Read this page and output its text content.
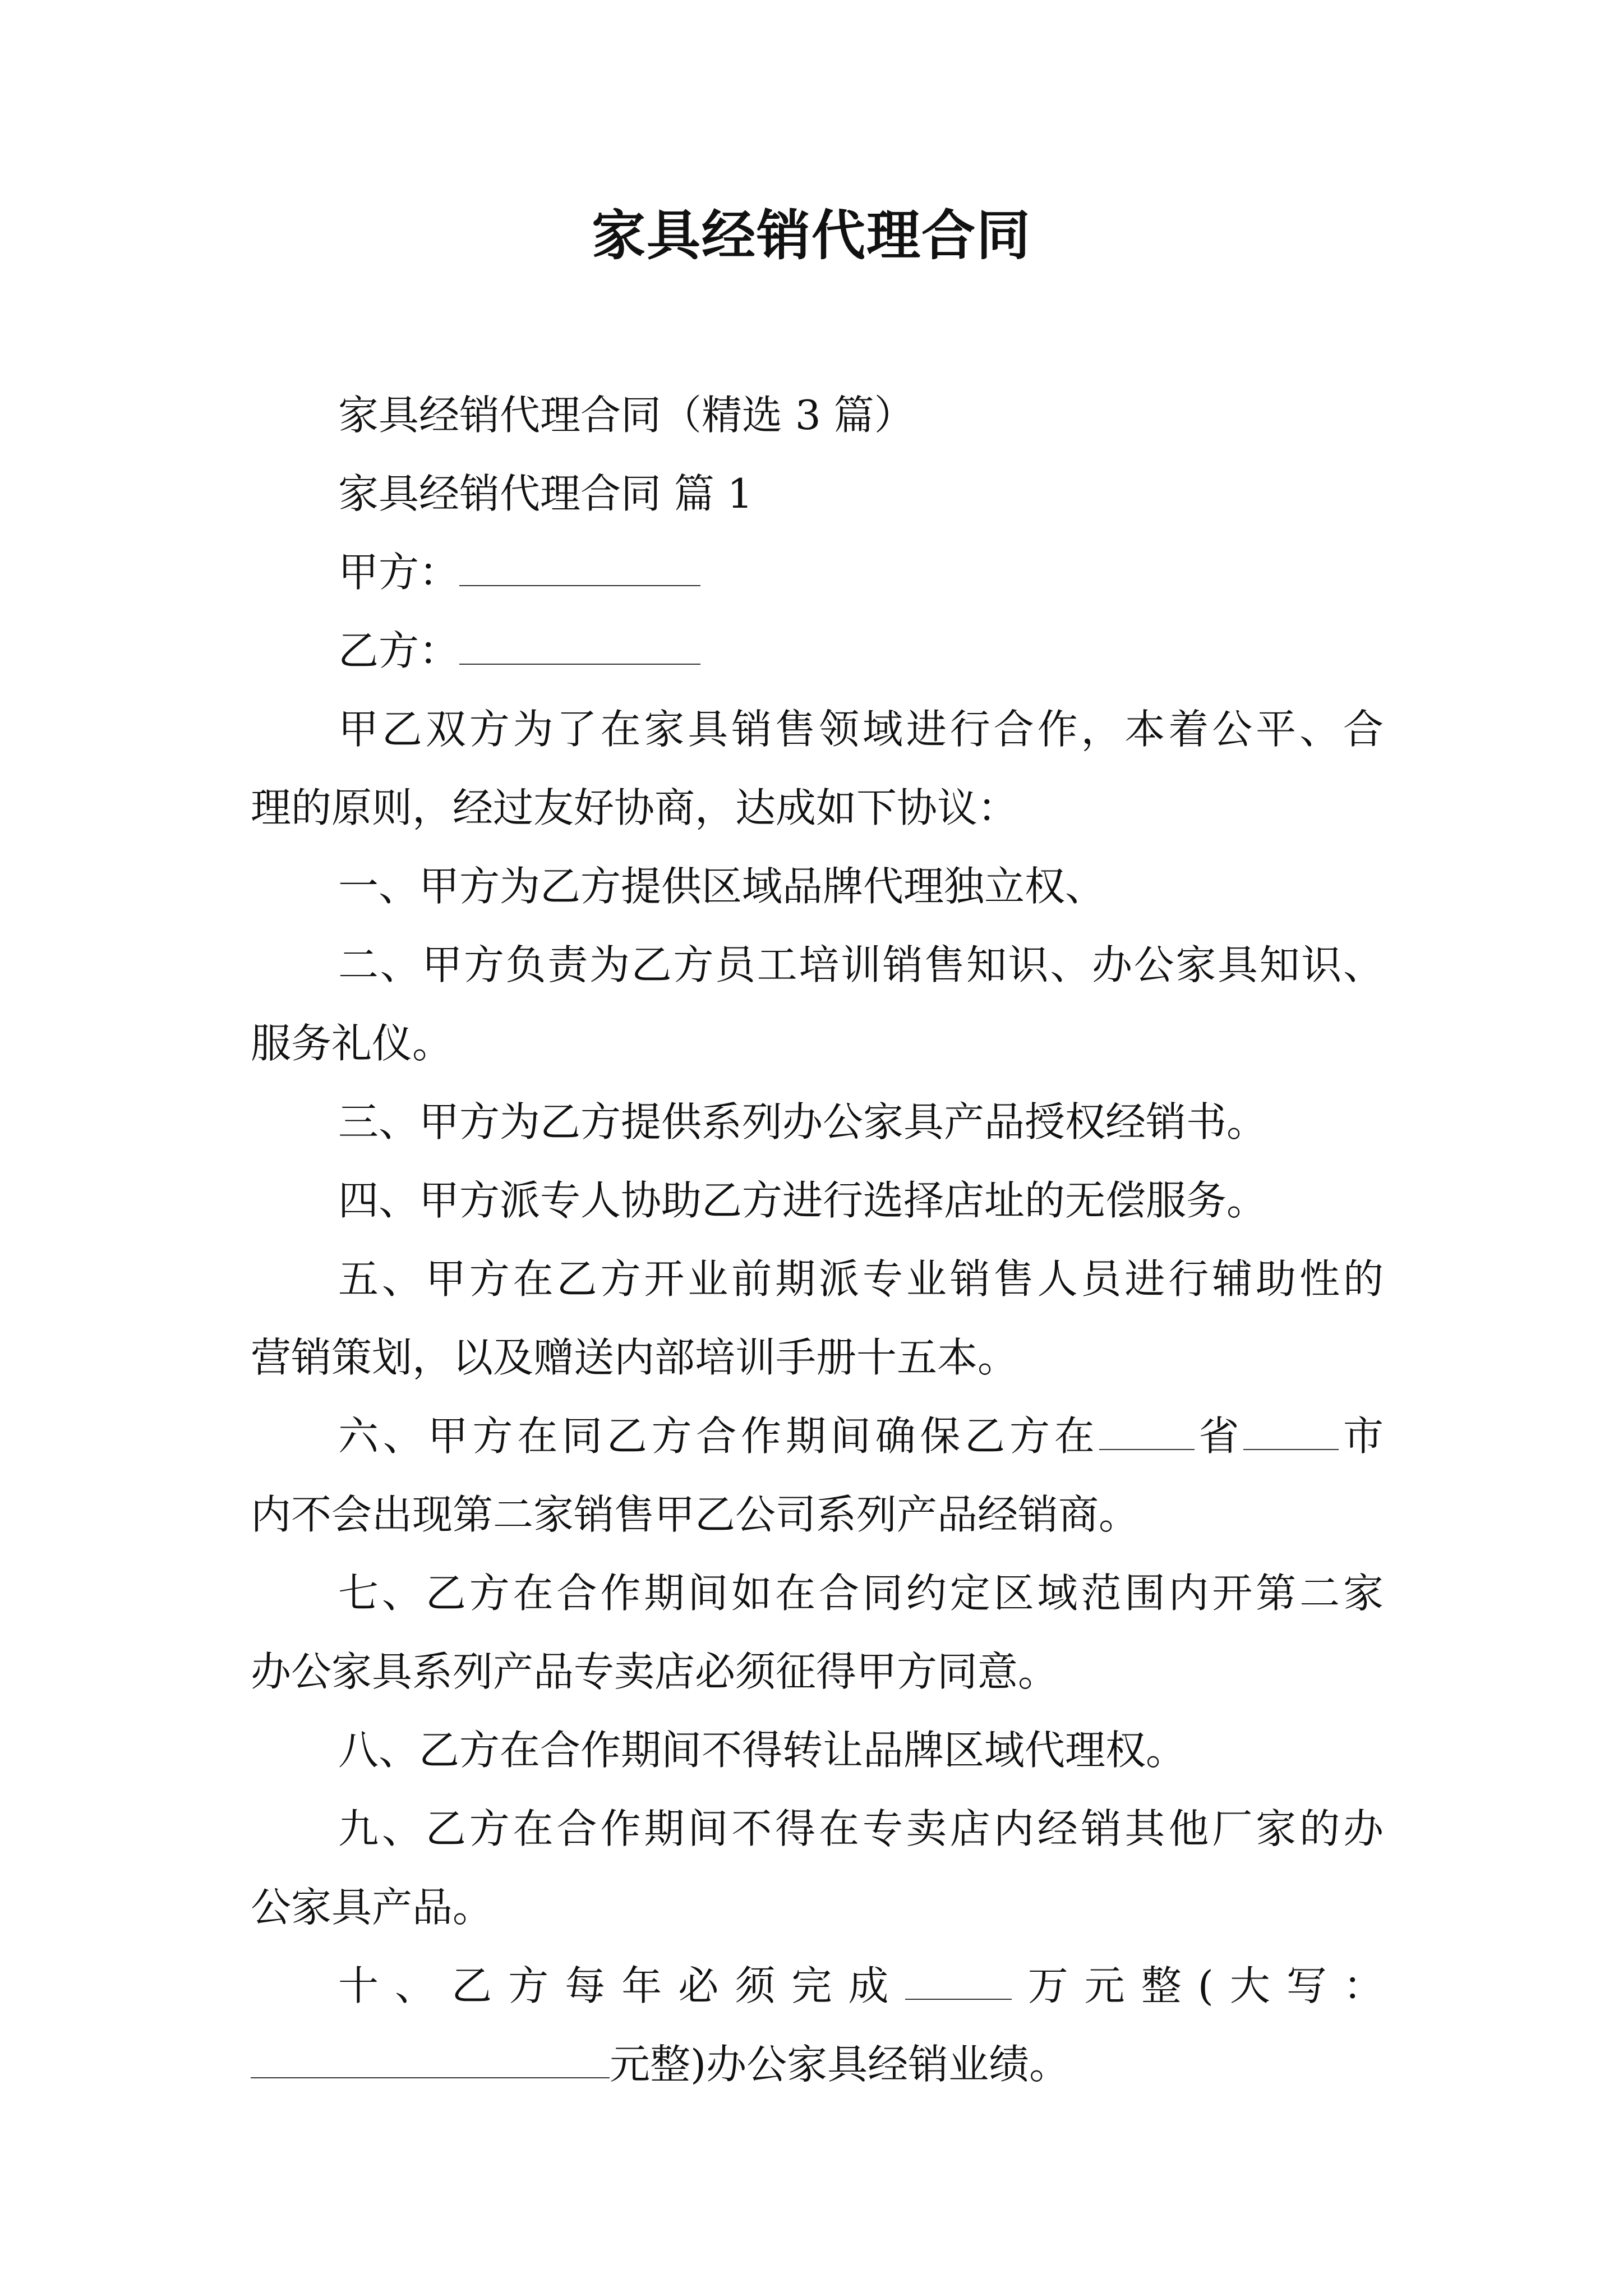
家具经销代理合同
家具经销代理合同（精选 3 篇）
家具经销代理合同 篇 1
甲方：
乙方：
甲乙双方为了在家具销售领域进行合作，本着公平、合
理的原则，经过友好协商，达成如下协议：
一、甲方为乙方提供区域品牌代理独立权、
二、甲方负责为乙方员工培训销售知识、办公家具知识、
服务礼仪。
三、甲方为乙方提供系列办公家具产品授权经销书。
四、甲方派专人协助乙方进行选择店址的无偿服务。
五、甲方在乙方开业前期派专业销售人员进行辅助性的
营销策划，以及赠送内部培训手册十五本。
六、甲方在同乙方合作期间确保乙方在 省 市
内不会出现第二家销售甲乙公司系列产品经销商。
七、乙方在合作期间如在合同约定区域范围内开第二家
办公家具系列产品专卖店必须征得甲方同意。
八、乙方在合作期间不得转让品牌区域代理权。
九、乙方在合作期间不得在专卖店内经销其他厂家的办
公家具产品。
十、乙方每年必须完成	万元整(大写：
元整)办公家具经销业绩。
